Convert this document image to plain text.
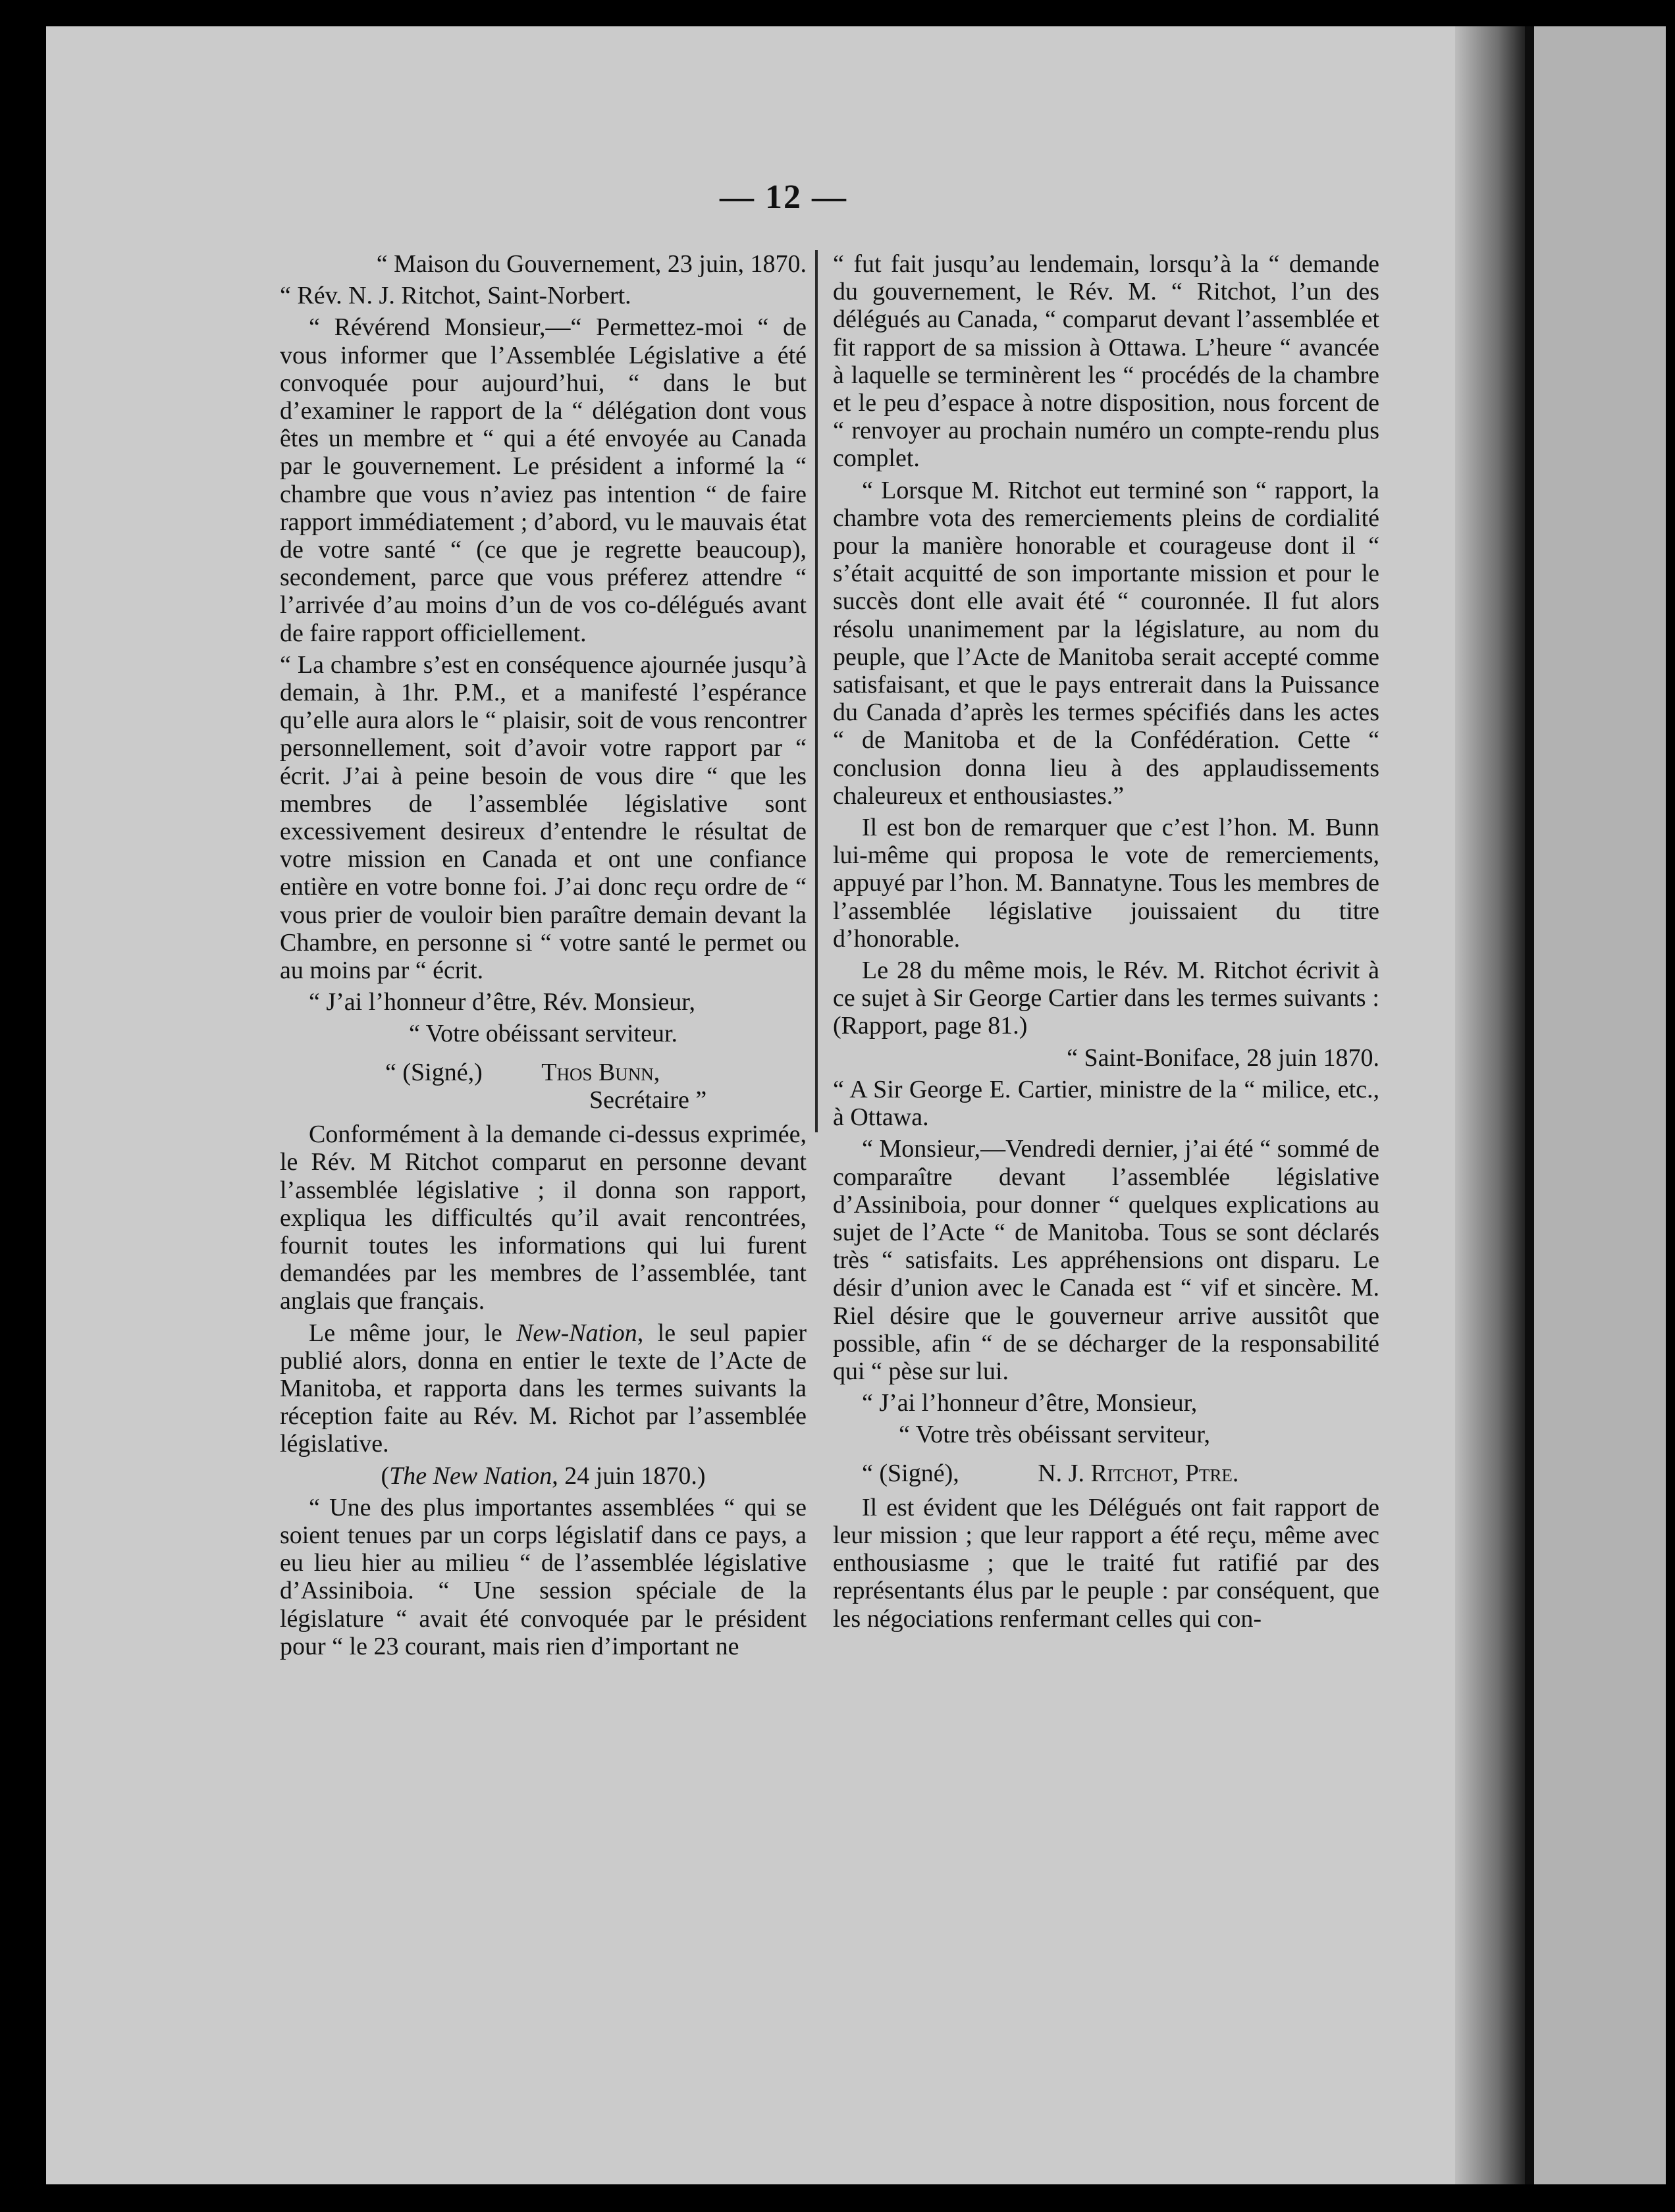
— 12 —

“ Maison du Gouvernement, 23 juin, 1870.

“ Rév. N. J. Ritchot, Saint-Norbert.

“ Révérend Monsieur,—“ Permettez-moi “ de vous informer que l’Assemblée Législative a été convoquée pour aujourd’hui, “ dans le but d’examiner le rapport de la “ délégation dont vous êtes un membre et “ qui a été envoyée au Canada par le gouvernement. Le président a informé la “ chambre que vous n’aviez pas intention “ de faire rapport immédiatement ; d’abord, vu le mauvais état de votre santé “ (ce que je regrette beaucoup), secondement, parce que vous préferez attendre “ l’arrivée d’au moins d’un de vos co-délégués avant de faire rapport officiellement.

“ La chambre s’est en conséquence ajournée jusqu’à demain, à 1hr. P.M., et a manifesté l’espérance qu’elle aura alors le “ plaisir, soit de vous rencontrer personnellement, soit d’avoir votre rapport par “ écrit. J’ai à peine besoin de vous dire “ que les membres de l’assemblée législative sont excessivement desireux d’entendre le résultat de votre mission en Canada et ont une confiance entière en votre bonne foi. J’ai donc reçu ordre de “ vous prier de vouloir bien paraître demain devant la Chambre, en personne si “ votre santé le permet ou au moins par “ écrit.

“ J’ai l’honneur d’être, Rév. Monsieur,

“ Votre obéissant serviteur.

“ (Signé,) Thos Bunn,
Secrétaire ”

Conformément à la demande ci-dessus exprimée, le Rév. M Ritchot comparut en personne devant l’assemblée législative ; il donna son rapport, expliqua les difficultés qu’il avait rencontrées, fournit toutes les informations qui lui furent demandées par les membres de l’assemblée, tant anglais que français.

Le même jour, le New-Nation, le seul papier publié alors, donna en entier le texte de l’Acte de Manitoba, et rapporta dans les termes suivants la réception faite au Rév. M. Richot par l’assemblée législative.

(The New Nation, 24 juin 1870.)

“ Une des plus importantes assemblées “ qui se soient tenues par un corps législatif dans ce pays, a eu lieu hier au milieu “ de l’assemblée législative d’Assiniboia. “ Une session spéciale de la législature “ avait été convoquée par le président pour “ le 23 courant, mais rien d’important ne

“ fut fait jusqu’au lendemain, lorsqu’à la “ demande du gouvernement, le Rév. M. “ Ritchot, l’un des délégués au Canada, “ comparut devant l’assemblée et fit rapport de sa mission à Ottawa. L’heure “ avancée à laquelle se terminèrent les “ procédés de la chambre et le peu d’espace à notre disposition, nous forcent de “ renvoyer au prochain numéro un compte-rendu plus complet.

“ Lorsque M. Ritchot eut terminé son “ rapport, la chambre vota des remerciements pleins de cordialité pour la manière honorable et courageuse dont il “ s’était acquitté de son importante mission et pour le succès dont elle avait été “ couronnée. Il fut alors résolu unanimement par la législature, au nom du peuple, que l’Acte de Manitoba serait accepté comme satisfaisant, et que le pays entrerait dans la Puissance du Canada d’après les termes spécifiés dans les actes “ de Manitoba et de la Confédération. Cette “ conclusion donna lieu à des applaudissements chaleureux et enthousiastes.”

Il est bon de remarquer que c’est l’hon. M. Bunn lui-même qui proposa le vote de remerciements, appuyé par l’hon. M. Bannatyne. Tous les membres de l’assemblée législative jouissaient du titre d’honorable.

Le 28 du même mois, le Rév. M. Ritchot écrivit à ce sujet à Sir George Cartier dans les termes suivants : (Rapport, page 81.)

“ Saint-Boniface, 28 juin 1870.

“ A Sir George E. Cartier, ministre de la “ milice, etc., à Ottawa.

“ Monsieur,—Vendredi dernier, j’ai été “ sommé de comparaître devant l’assemblée législative d’Assiniboia, pour donner “ quelques explications au sujet de l’Acte “ de Manitoba. Tous se sont déclarés très “ satisfaits. Les appréhensions ont disparu. Le désir d’union avec le Canada est “ vif et sincère. M. Riel désire que le gouverneur arrive aussitôt que possible, afin “ de se décharger de la responsabilité qui “ pèse sur lui.

“ J’ai l’honneur d’être, Monsieur,

“ Votre très obéissant serviteur,

“ (Signé),	N. J. Ritchot, Ptre.

Il est évident que les Délégués ont fait rapport de leur mission ; que leur rapport a été reçu, même avec enthousiasme ; que le traité fut ratifié par des représentants élus par le peuple : par conséquent, que les négociations renfermant celles qui con-
